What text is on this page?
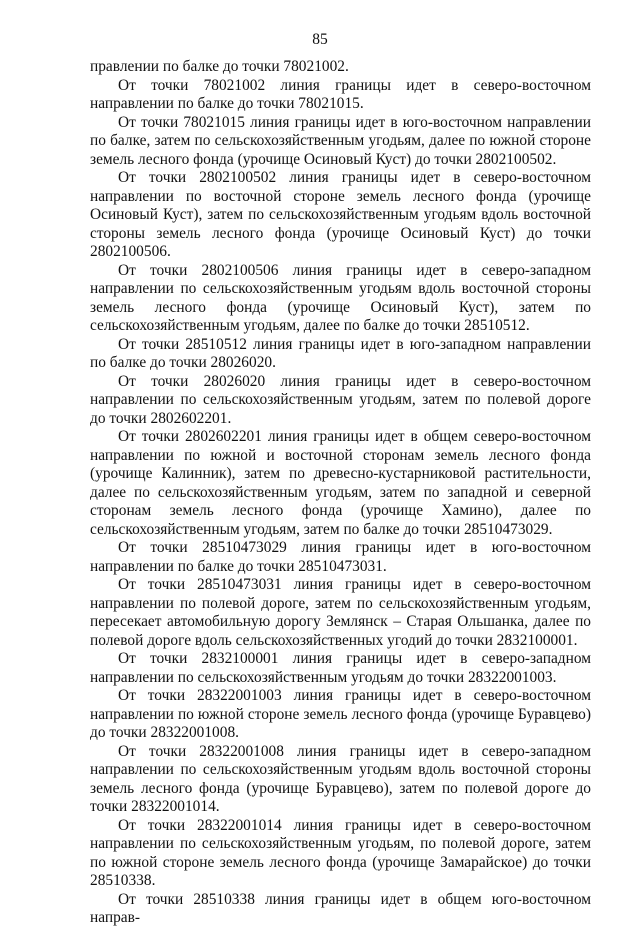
85

правлении по балке до точки 78021002.

От точки 78021002 линия границы идет в северо-восточном направлении по балке до точки 78021015.

От точки 78021015 линия границы идет в юго-восточном направлении по балке, затем по сельскохозяйственным угодьям, далее по южной стороне земель лесного фонда (урочище Осиновый Куст) до точки 2802100502.

От точки 2802100502 линия границы идет в северо-восточном направлении по восточной стороне земель лесного фонда (урочище Осиновый Куст), затем по сельскохозяйственным угодьям вдоль восточной стороны земель лесного фонда (урочище Осиновый Куст) до точки 2802100506.

От точки 2802100506 линия границы идет в северо-западном направлении по сельскохозяйственным угодьям вдоль восточной стороны земель лесного фонда (урочище Осиновый Куст), затем по сельскохозяйственным угодьям, далее по балке до точки 28510512.

От точки 28510512 линия границы идет в юго-западном направлении по балке до точки 28026020.

От точки 28026020 линия границы идет в северо-восточном направлении по сельскохозяйственным угодьям, затем по полевой дороге до точки 2802602201.

От точки 2802602201 линия границы идет в общем северо-восточном направлении по южной и восточной сторонам земель лесного фонда (урочище Калинник), затем по древесно-кустарниковой растительности, далее по сельскохозяйственным угодьям, затем по западной и северной сторонам земель лесного фонда (урочище Хамино), далее по сельскохозяйственным угодьям, затем по балке до точки 28510473029.

От точки 28510473029 линия границы идет в юго-восточном направлении по балке до точки 28510473031.

От точки 28510473031 линия границы идет в северо-восточном направлении по полевой дороге, затем по сельскохозяйственным угодьям, пересекает автомобильную дорогу Землянск – Старая Ольшанка, далее по полевой дороге вдоль сельскохозяйственных угодий до точки 2832100001.

От точки 2832100001 линия границы идет в северо-западном направлении по сельскохозяйственным угодьям до точки 28322001003.

От точки 28322001003 линия границы идет в северо-восточном направлении по южной стороне земель лесного фонда (урочище Буравцево) до точки 28322001008.

От точки 28322001008 линия границы идет в северо-западном направлении по сельскохозяйственным угодьям вдоль восточной стороны земель лесного фонда (урочище Буравцево), затем по полевой дороге до точки 28322001014.

От точки 28322001014 линия границы идет в северо-восточном направлении по сельскохозяйственным угодьям, по полевой дороге, затем по южной стороне земель лесного фонда (урочище Замарайское) до точки 28510338.

От точки 28510338 линия границы идет в общем юго-восточном направ-
